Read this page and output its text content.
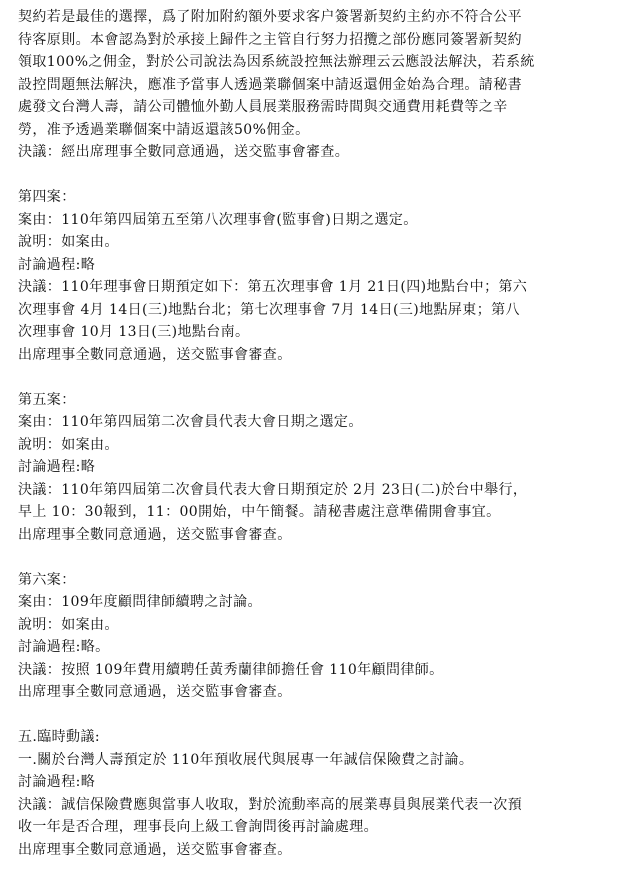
契約若是最佳的選擇，爲了附加附約額外要求客户簽署新契約主約亦不符合公平
待客原則。本會認為對於承接上歸件之主管自行努力招攬之部份應同簽署新契約
領取100%之佣金，對於公司說法為因系統設控無法辦理云云應設法解決，若系統
設控問題無法解決，應准予當事人透過業聯個案中請返還佣金始為合理。請秘書
處發文台灣人壽，請公司體恤外勤人員展業服務需時間與交通費用耗費等之辛
勞，准予透過業聯個案中請返還該50%佣金。
決議：經出席理事全數同意通過，送交監事會審查。
第四案：
案由：110年第四屆第五至第八次理事會(監事會)日期之選定。
說明：如案由。
討論過程:略
決議：110年理事會日期預定如下：第五次理事會 1月 21日(四)地點台中；第六
次理事會 4月 14日(三)地點台北；第七次理事會 7月 14日(三)地點屏東；第八
次理事會 10月 13日(三)地點台南。
出席理事全數同意通過，送交監事會審查。
第五案：
案由：110年第四屆第二次會員代表大會日期之選定。
說明：如案由。
討論過程:略
決議：110年第四屆第二次會員代表大會日期預定於 2月 23日(二)於台中舉行，
早上 10：30報到，11：00開始，中午簡餐。請秘書處注意準備開會事宜。
出席理事全數同意通過，送交監事會審查。
第六案：
案由：109年度顧問律師續聘之討論。
說明：如案由。
討論過程:略。
決議：按照 109年費用續聘任黃秀蘭律師擔任會 110年顧問律師。
出席理事全數同意通過，送交監事會審查。
五.臨時動議:
一.關於台灣人壽預定於 110年預收展代與展專一年誠信保險費之討論。
討論過程:略
決議：誠信保險費應與當事人收取，對於流動率高的展業專員與展業代表一次預
收一年是否合理，理事長向上級工會詢問後再討論處理。
出席理事全數同意通過，送交監事會審查。
